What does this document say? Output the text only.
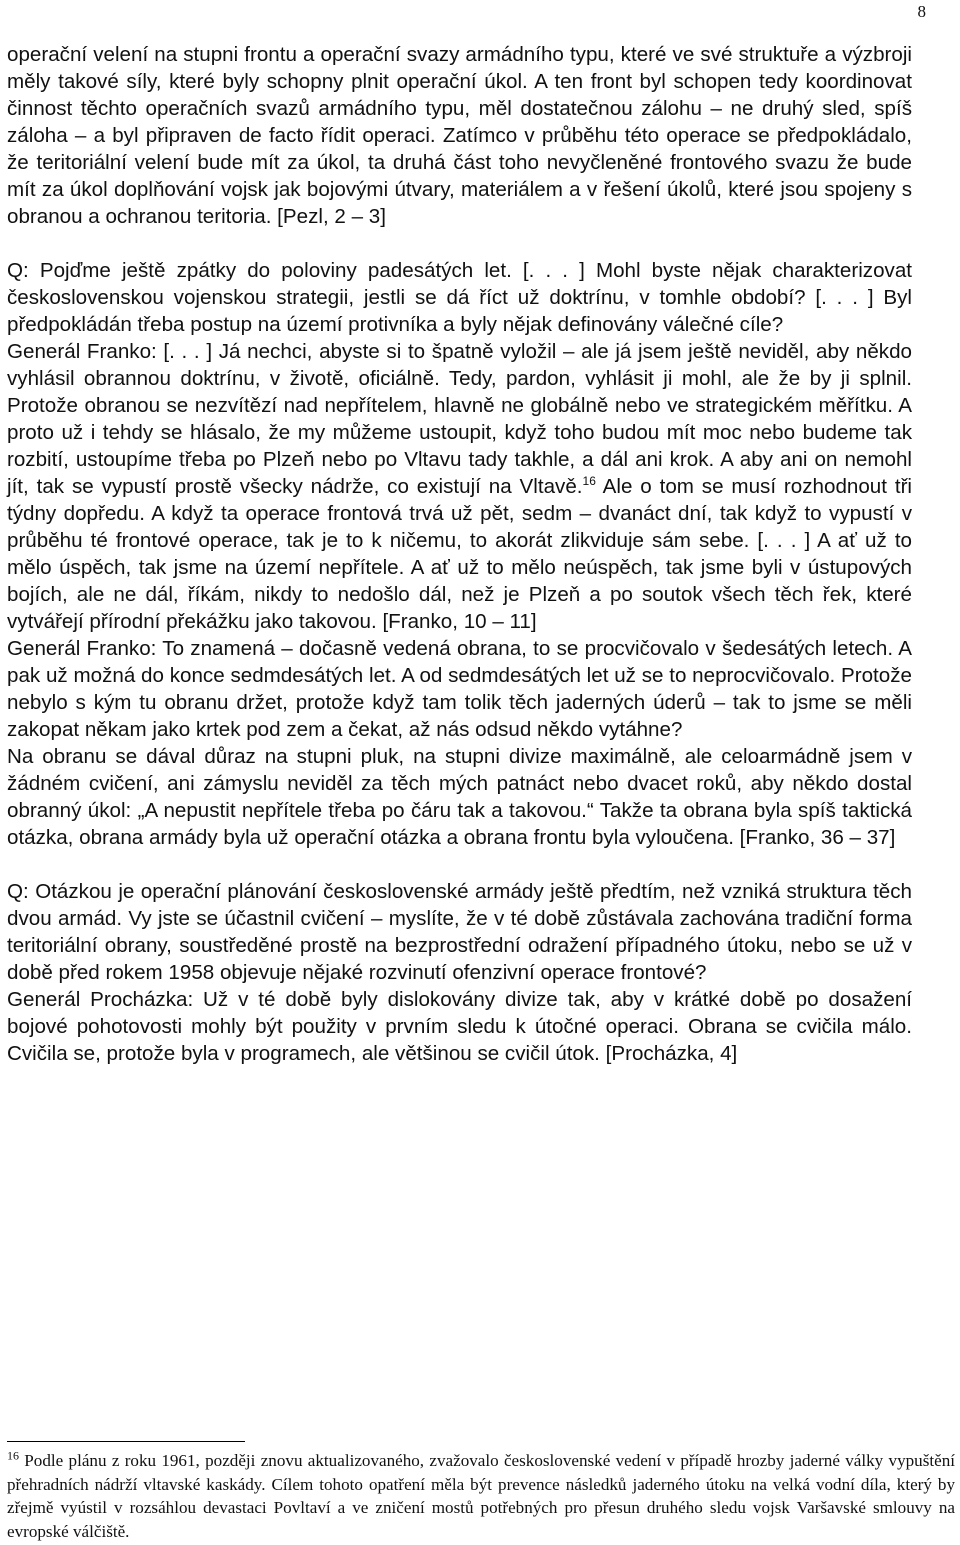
8

operační velení na stupni frontu a operační svazy armádního typu, které ve své struktuře a výzbroji měly takové síly, které byly schopny plnit operační úkol. A ten front byl schopen tedy koordinovat činnost těchto operačních svazů armádního typu, měl dostatečnou zálohu – ne druhý sled, spíš záloha – a byl připraven de facto řídit operaci. Zatímco v průběhu této operace se předpokládalo, že teritoriální velení bude mít za úkol, ta druhá část toho nevyčleněné frontového svazu že bude mít za úkol doplňování vojsk jak bojovými útvary, materiálem a v řešení úkolů, které jsou spojeny s obranou a ochranou teritoria. [Pezl, 2 – 3]

Q: Pojďme ještě zpátky do poloviny padesátých let. [. . . ] Mohl byste nějak charakterizovat československou vojenskou strategii, jestli se dá říct už doktrínu, v tomhle období? [. . . ] Byl předpokládán třeba postup na území protivníka a byly nějak definovány válečné cíle?

Generál Franko: [. . . ] Já nechci, abyste si to špatně vyložil – ale já jsem ještě neviděl, aby někdo vyhlásil obrannou doktrínu, v životě, oficiálně. Tedy, pardon, vyhlásit ji mohl, ale že by ji splnil. Protože obranou se nezvítězí nad nepřítelem, hlavně ne globálně nebo ve strategickém měřítku. A proto už i tehdy se hlásalo, že my můžeme ustoupit, když toho budou mít moc nebo budeme tak rozbití, ustoupíme třeba po Plzeň nebo po Vltavu tady takhle, a dál ani krok. A aby ani on nemohl jít, tak se vypustí prostě všecky nádrže, co existují na Vltavě.$^{16}$ Ale o tom se musí rozhodnout tři týdny dopředu. A když ta operace frontová trvá už pět, sedm – dvanáct dní, tak když to vypustí v průběhu té frontové operace, tak je to k ničemu, to akorát zlikviduje sám sebe. [. . . ] A ať už to mělo úspěch, tak jsme na území nepřítele. A ať už to mělo neúspěch, tak jsme byli v ústupových bojích, ale ne dál, říkám, nikdy to nedošlo dál, než je Plzeň a po soutok všech těch řek, které vytvářejí přírodní překážku jako takovou. [Franko, 10 – 11]

Generál Franko: To znamená – dočasně vedená obrana, to se procvičovalo v šedesátých letech. A pak už možná do konce sedmdesátých let. A od sedmdesátých let už se to neprocvičovalo. Protože nebylo s kým tu obranu držet, protože když tam tolik těch jaderných úderů – tak to jsme se měli zakopat někam jako krtek pod zem a čekat, až nás odsud někdo vytáhne?

Na obranu se dával důraz na stupni pluk, na stupni divize maximálně, ale celoarmádně jsem v žádném cvičení, ani zámyslu neviděl za těch mých patnáct nebo dvacet roků, aby někdo dostal obranný úkol: „A nepustit nepřítele třeba po čáru tak a takovou.“ Takže ta obrana byla spíš taktická otázka, obrana armády byla už operační otázka a obrana frontu byla vyloučena. [Franko, 36 – 37]

Q: Otázkou je operační plánování československé armády ještě předtím, než vzniká struktura těch dvou armád. Vy jste se účastnil cvičení – myslíte, že v té době zůstávala zachována tradiční forma teritoriální obrany, soustředěné prostě na bezprostřední odražení případného útoku, nebo se už v době před rokem 1958 objevuje nějaké rozvinutí ofenzivní operace frontové?

Generál Procházka: Už v té době byly dislokovány divize tak, aby v krátké době po dosažení bojové pohotovosti mohly být použity v prvním sledu k útočné operaci. Obrana se cvičila málo. Cvičila se, protože byla v programech, ale většinou se cvičil útok. [Procházka, 4]

$^{16}$ Podle plánu z roku 1961, později znovu aktualizovaného, zvažovalo československé vedení v případě hrozby jaderné války vypuštění přehradních nádrží vltavské kaskády. Cílem tohoto opatření měla být prevence následků jaderného útoku na velká vodní díla, který by zřejmě vyústil v rozsáhlou devastaci Povltaví a ve zničení mostů potřebných pro přesun druhého sledu vojsk Varšavské smlouvy na evropské válčiště.
